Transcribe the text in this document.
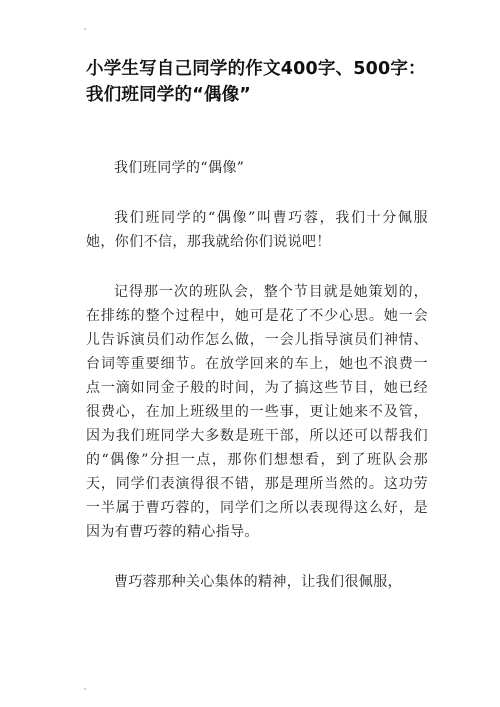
小学生写自己同学的作文400字、500字：我们班同学的“偶像”

我们班同学的“偶像”

我们班同学的“偶像”叫曹巧蓉，我们十分佩服她，你们不信，那我就给你们说说吧！

记得那一次的班队会，整个节目就是她策划的，在排练的整个过程中，她可是花了不少心思。她一会儿告诉演员们动作怎么做，一会儿指导演员们神情、台词等重要细节。在放学回来的车上，她也不浪费一点一滴如同金子般的时间，为了搞这些节目，她已经很费心，在加上班级里的一些事，更让她来不及管，因为我们班同学大多数是班干部，所以还可以帮我们的“偶像”分担一点，那你们想想看，到了班队会那天，同学们表演得很不错，那是理所当然的。这功劳一半属于曹巧蓉的，同学们之所以表现得这么好，是因为有曹巧蓉的精心指导。

曹巧蓉那种关心集体的精神，让我们很佩服，
